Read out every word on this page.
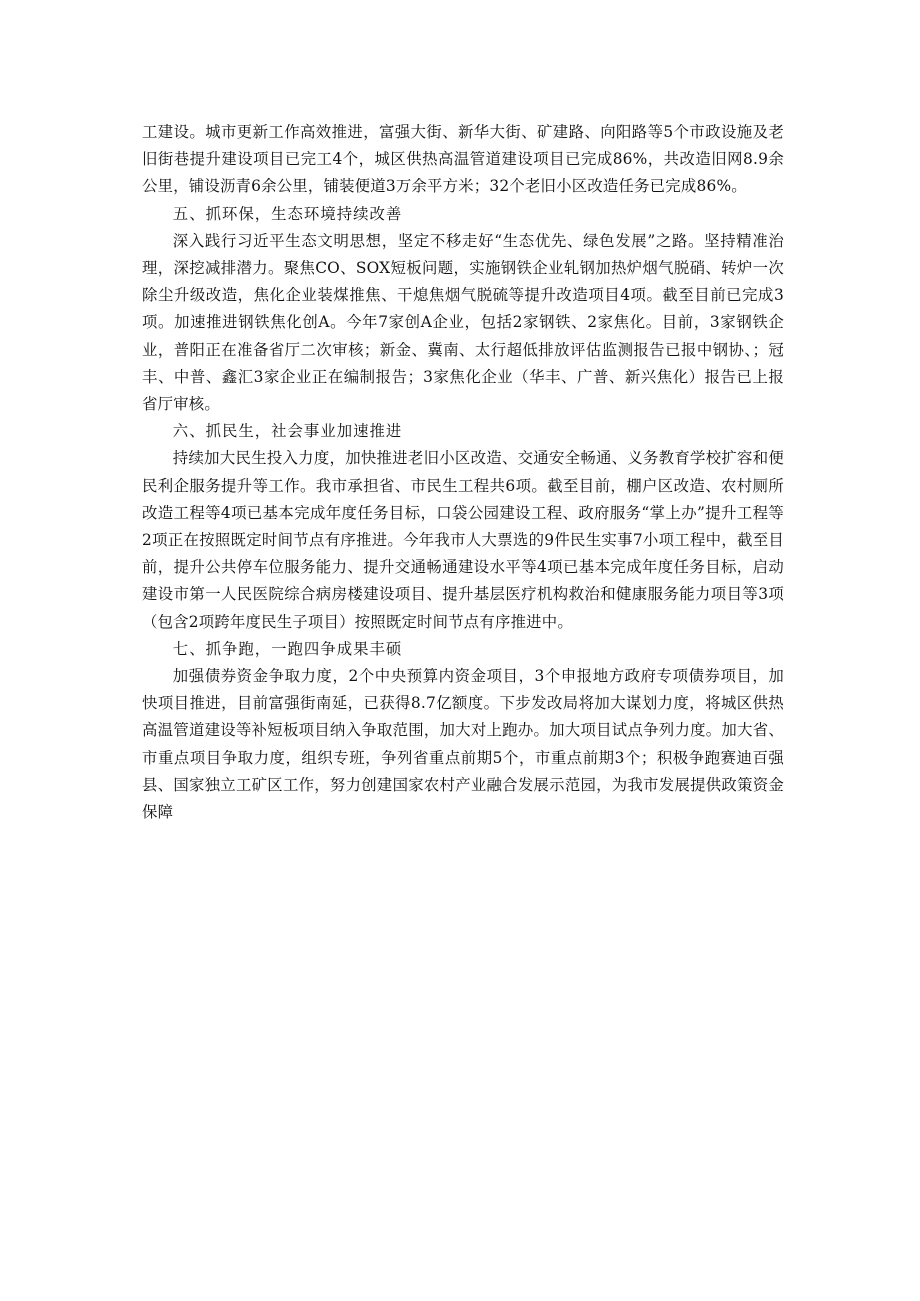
工建设。城市更新工作高效推进，富强大街、新华大街、矿建路、向阳路等5个市政设施及老旧街巷提升建设项目已完工4个，城区供热高温管道建设项目已完成86%，共改造旧网8.9余公里，铺设沥青6余公里，铺装便道3万余平方米；32个老旧小区改造任务已完成86%。

五、抓环保，生态环境持续改善

深入践行习近平生态文明思想，坚定不移走好“生态优先、绿色发展”之路。坚持精准治理，深挖减排潜力。聚焦CO、SOX短板问题，实施钢铁企业轧钢加热炉烟气脱硝、转炉一次除尘升级改造，焦化企业装煤推焦、干熄焦烟气脱硫等提升改造项目4项。截至目前已完成3项。加速推进钢铁焦化创A。今年7家创A企业，包括2家钢铁、2家焦化。目前，3家钢铁企业，普阳正在准备省厅二次审核；新金、冀南、太行超低排放评估监测报告已报中钢协、；冠丰、中普、鑫汇3家企业正在编制报告；3家焦化企业（华丰、广普、新兴焦化）报告已上报省厅审核。

六、抓民生，社会事业加速推进

持续加大民生投入力度，加快推进老旧小区改造、交通安全畅通、义务教育学校扩容和便民利企服务提升等工作。我市承担省、市民生工程共6项。截至目前，棚户区改造、农村厕所改造工程等4项已基本完成年度任务目标，口袋公园建设工程、政府服务“掌上办”提升工程等2项正在按照既定时间节点有序推进。今年我市人大票选的9件民生实事7小项工程中，截至目前，提升公共停车位服务能力、提升交通畅通建设水平等4项已基本完成年度任务目标，启动建设市第一人民医院综合病房楼建设项目、提升基层医疗机构救治和健康服务能力项目等3项（包含2项跨年度民生子项目）按照既定时间节点有序推进中。

七、抓争跑，一跑四争成果丰硕

加强债券资金争取力度，2个中央预算内资金项目，3个申报地方政府专项债券项目，加快项目推进，目前富强街南延，已获得8.7亿额度。下步发改局将加大谋划力度，将城区供热高温管道建设等补短板项目纳入争取范围，加大对上跑办。加大项目试点争列力度。加大省、市重点项目争取力度，组织专班，争列省重点前期5个，市重点前期3个；积极争跑赛迪百强县、国家独立工矿区工作，努力创建国家农村产业融合发展示范园，为我市发展提供政策资金保障
